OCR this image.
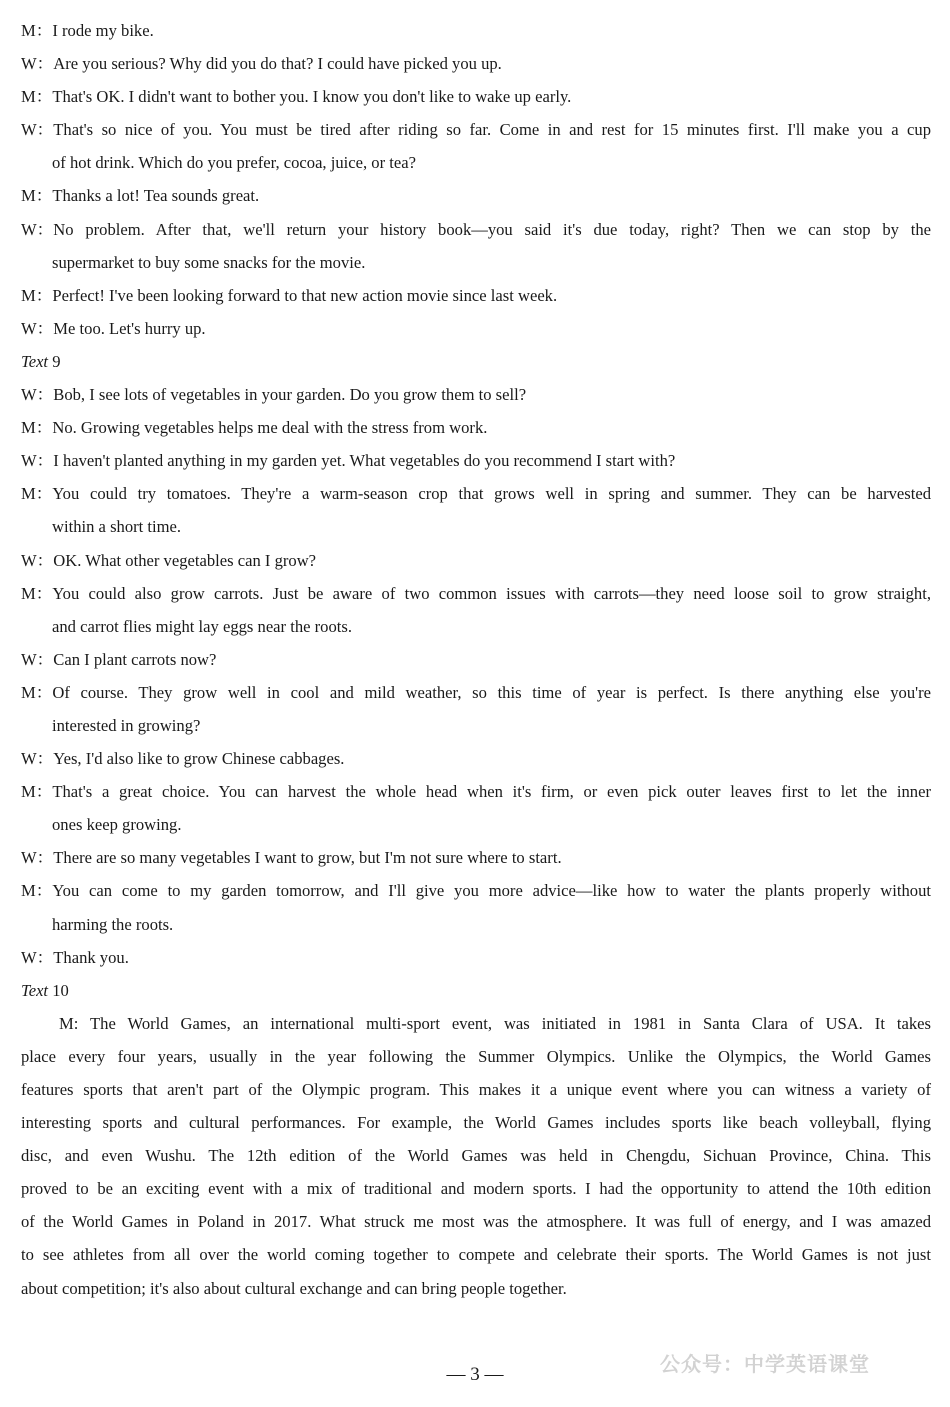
M： I rode my bike.
W： Are you serious? Why did you do that? I could have picked you up.
M： That's OK. I didn't want to bother you. I know you don't like to wake up early.
W： That's so nice of you. You must be tired after riding so far. Come in and rest for 15 minutes first. I'll make you a cup
of hot drink. Which do you prefer, cocoa, juice, or tea?
M： Thanks a lot! Tea sounds great.
W： No problem. After that, we'll return your history book—you said it's due today, right? Then we can stop by the
supermarket to buy some snacks for the movie.
M： Perfect! I've been looking forward to that new action movie since last week.
W： Me too. Let's hurry up.
Text 9
W： Bob, I see lots of vegetables in your garden. Do you grow them to sell?
M： No. Growing vegetables helps me deal with the stress from work.
W： I haven't planted anything in my garden yet. What vegetables do you recommend I start with?
M： You could try tomatoes. They're a warm-season crop that grows well in spring and summer. They can be harvested
within a short time.
W： OK. What other vegetables can I grow?
M： You could also grow carrots. Just be aware of two common issues with carrots—they need loose soil to grow straight,
and carrot flies might lay eggs near the roots.
W： Can I plant carrots now?
M： Of course. They grow well in cool and mild weather, so this time of year is perfect. Is there anything else you're
interested in growing?
W： Yes, I'd also like to grow Chinese cabbages.
M： That's a great choice. You can harvest the whole head when it's firm, or even pick outer leaves first to let the inner
ones keep growing.
W： There are so many vegetables I want to grow, but I'm not sure where to start.
M： You can come to my garden tomorrow, and I'll give you more advice—like how to water the plants properly without
harming the roots.
W： Thank you.
Text 10
M: The World Games, an international multi-sport event, was initiated in 1981 in Santa Clara of USA. It takes
place every four years, usually in the year following the Summer Olympics. Unlike the Olympics, the World Games
features sports that aren't part of the Olympic program. This makes it a unique event where you can witness a variety of
interesting sports and cultural performances. For example, the World Games includes sports like beach volleyball, flying
disc, and even Wushu. The 12th edition of the World Games was held in Chengdu, Sichuan Province, China. This
proved to be an exciting event with a mix of traditional and modern sports. I had the opportunity to attend the 10th edition
of the World Games in Poland in 2017. What struck me most was the atmosphere. It was full of energy, and I was amazed
to see athletes from all over the world coming together to compete and celebrate their sports. The World Games is not just
about competition; it's also about cultural exchange and can bring people together.
— 3 —	公众号：中学英语课堂
